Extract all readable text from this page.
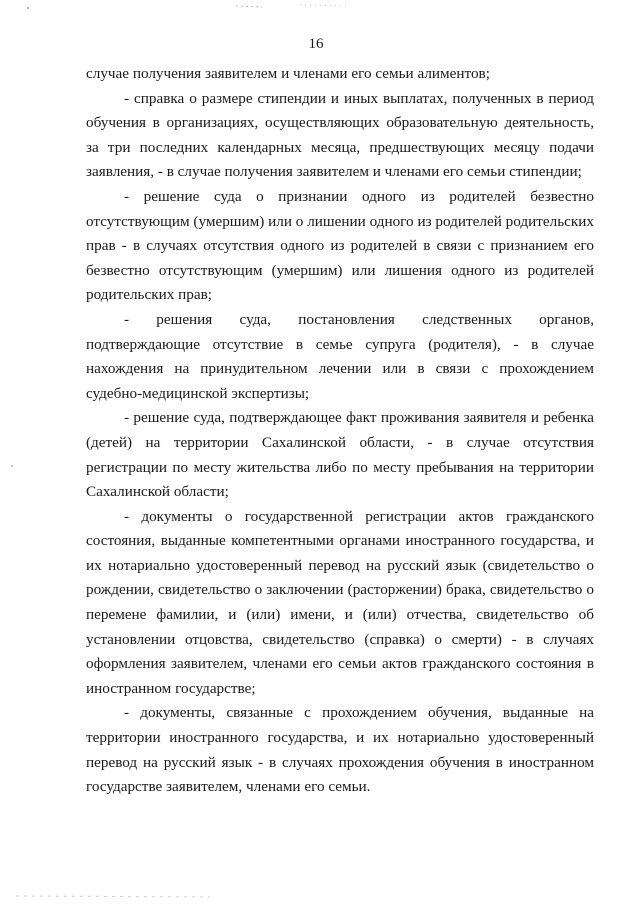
16

случае получения заявителем и членами его семьи алиментов;

- справка о размере стипендии и иных выплатах, полученных в период обучения в организациях, осуществляющих образовательную деятельность, за три последних календарных месяца, предшествующих месяцу подачи заявления, - в случае получения заявителем и членами его семьи стипендии;

- решение суда о признании одного из родителей безвестно отсутствующим (умершим) или о лишении одного из родителей родительских прав - в случаях отсутствия одного из родителей в связи с признанием его безвестно отсутствующим (умершим) или лишения одного из родителей родительских прав;

- решения суда, постановления следственных органов, подтверждающие отсутствие в семье супруга (родителя), - в случае нахождения на принудительном лечении или в связи с прохождением судебно-медицинской экспертизы;

- решение суда, подтверждающее факт проживания заявителя и ребенка (детей) на территории Сахалинской области, - в случае отсутствия регистрации по месту жительства либо по месту пребывания на территории Сахалинской области;

- документы о государственной регистрации актов гражданского состояния, выданные компетентными органами иностранного государства, и их нотариально удостоверенный перевод на русский язык (свидетельство о рождении, свидетельство о заключении (расторжении) брака, свидетельство о перемене фамилии, и (или) имени, и (или) отчества, свидетельство об установлении отцовства, свидетельство (справка) о смерти) - в случаях оформления заявителем, членами его семьи актов гражданского состояния в иностранном государстве;

- документы, связанные с прохождением обучения, выданные на территории иностранного государства, и их нотариально удостоверенный перевод на русский язык - в случаях прохождения обучения в иностранном государстве заявителем, членами его семьи.
